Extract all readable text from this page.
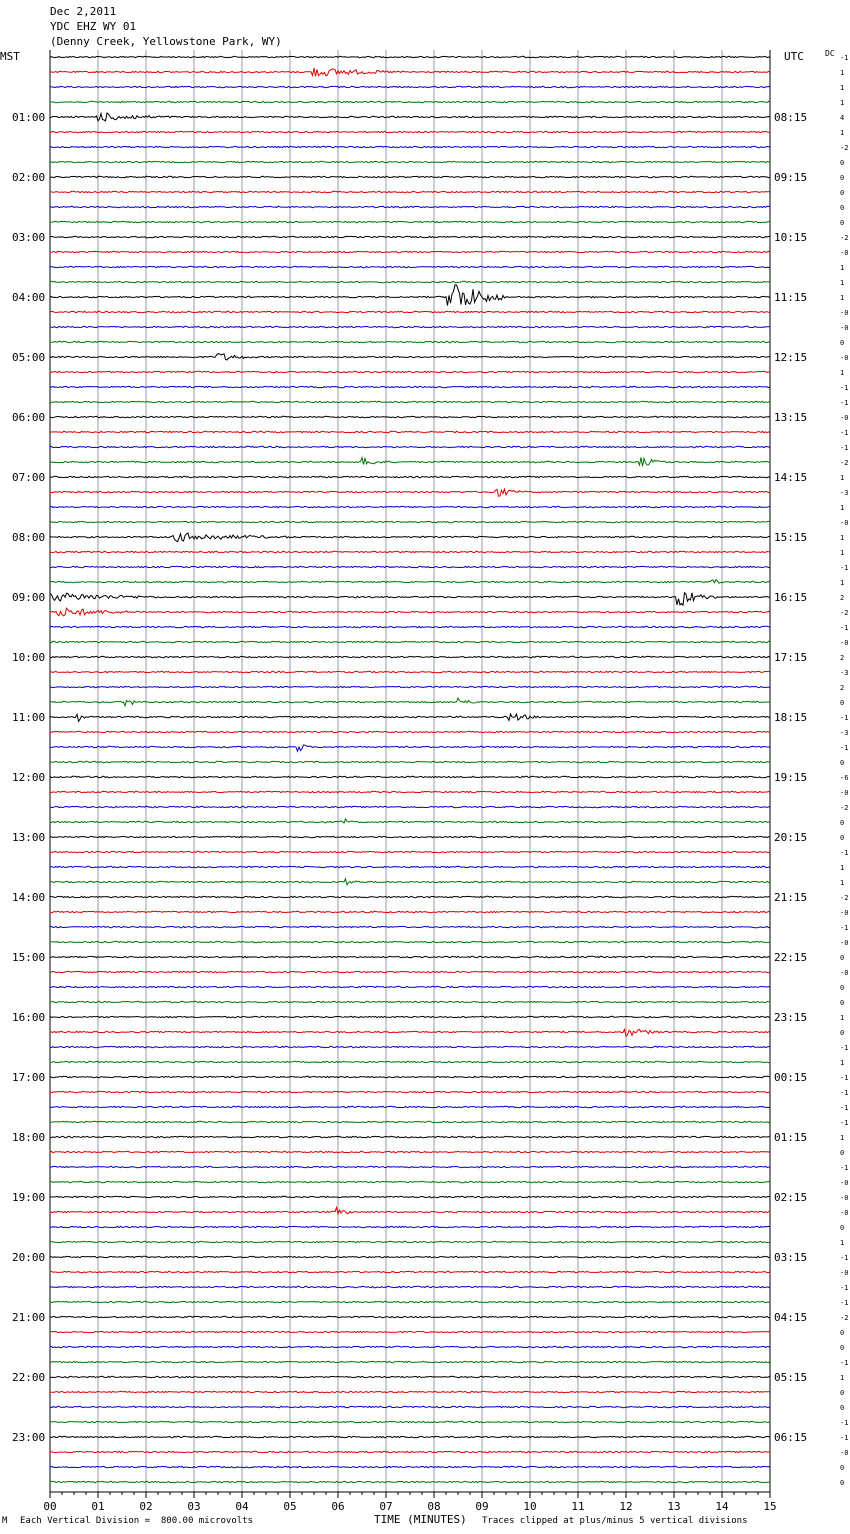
Dec 2,2011
YDC EHZ WY 01
(Denny Creek, Yellowstone Park, WY)
MST	UTC	DC -1
1
1
1
4
1
-2
0
0
0
0
0
-2
-0
1
1
1
-0
-0
0
-0
1
-1
-1
-0
-1
-1
-2
1
-3
1
-0
1
1
-1
1
2
-2
-1
-0
2
-3
2
0
-1
-3
-1
0
-6
-0
-2
0
0
-1
1
1
-2
-0
-1
-0
0
-0
0
0
1
0
-1
1
-1
-1
-1
-1
1
0
-1
-0
-0
-0
0
1
-1
-0
-1
-1
-2
0
0
-1
1
0
0
-1
-1
-0
0
0
01:00
02:00
03:00
04:00
05:00
06:00
07:00
08:00
09:00
10:00
11:00
12:00
13:00
14:00
15:00
16:00
17:00
18:00
19:00
20:00
21:00
22:00
23:00
08:15
09:15
10:15
11:15
12:15
13:15
14:15
15:15
16:15
17:15
18:15
19:15
20:15
21:15
22:15
23:15
00:15
01:15
02:15
03:15
04:15
05:15
06:15
00	01	02	03	04	05	06	07	08	09	10	11	12	13	14	15
M Each Vertical Division =  800.00 microvolts	TIME (MINUTES) Traces clipped at plus/minus 5 vertical divisions
